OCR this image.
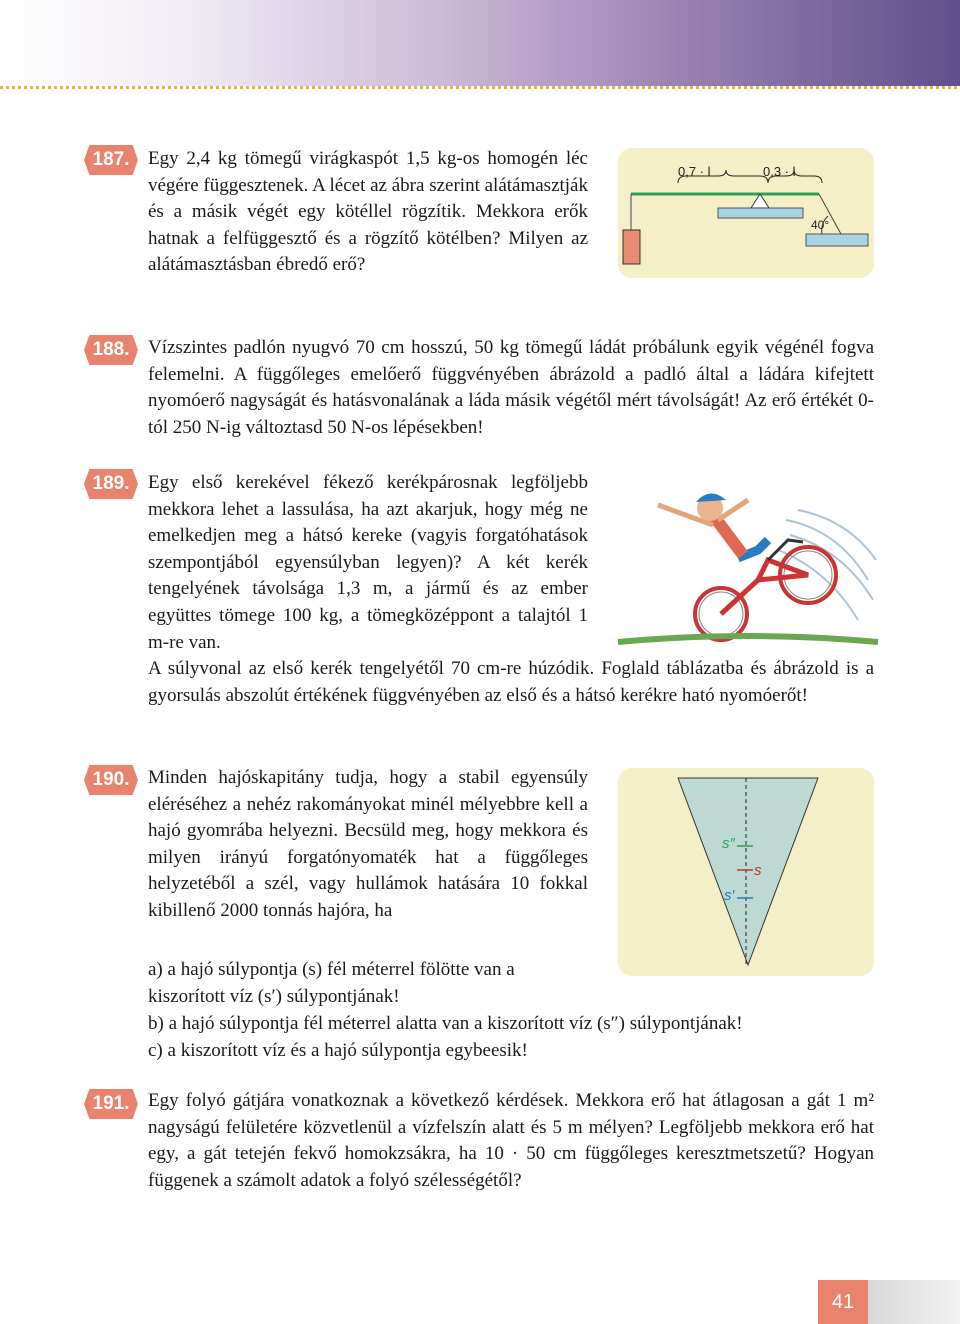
187. Egy 2,4 kg tömegű virágkaspót 1,5 kg-os homogén léc végére függesztenek. A lécet az ábra szerint alátámasztják és a másik végét egy kötéllel rögzítik. Mekkora erők hatnak a felfüggesztő és a rögzítő kötélben? Milyen az alátámasztásban ébredő erő?

0,7 · l	0,3 · l
40°
188. Vízszintes padlón nyugvó 70 cm hosszú, 50 kg tömegű ládát próbálunk egyik végénél fogva felemelni. A függőleges emelőerő függvényében ábrázold a padló által a ládára kifejtett nyomóerő nagyságát és hatásvonalának a láda másik végétől mért távolságát! Az erő értékét 0-tól 250 N-ig változtasd 50 N-os lépésekben!

189. Egy első kerekével fékező kerékpárosnak legföljebb mekkora lehet a lassulása, ha azt akarjuk, hogy még ne emelkedjen meg a hátsó kereke (vagyis forgatóhatások szempontjából egyensúlyban legyen)? A két kerék tengelyének távolsága 1,3 m, a jármű és az ember együttes tömege 100 kg, a tömegközéppont a talajtól 1 m-re van.

A súlyvonal az első kerék tengelyétől 70 cm-re húzódik. Foglald táblázatba és ábrázold is a gyorsulás abszolút értékének függvényében az első és a hátsó kerékre ható nyomóerőt!

190. Minden hajóskapitány tudja, hogy a stabil egyensúly eléréséhez a nehéz rakományokat minél mélyebbre kell a hajó gyomrába helyezni. Becsüld meg, hogy mekkora és milyen irányú forgatónyomaték hat a függőleges helyzetéből a szél, vagy hullámok hatására 10 fokkal kibillenő 2000 tonnás hajóra, ha

a) a hajó súlypontja (s) fél méterrel fölötte van a

kiszorított víz (s′) súlypontjának!

b) a hajó súlypontja fél méterrel alatta van a kiszorított víz (s″) súlypontjának!

c) a kiszorított víz és a hajó súlypontja egybeesik!

s″
s
s′
191. Egy folyó gátjára vonatkoznak a következő kérdések. Mekkora erő hat átlagosan a gát 1 m² nagyságú felületére közvetlenül a vízfelszín alatt és 5 m mélyen? Legföljebb mekkora erő hat egy, a gát tetején fekvő homokzsákra, ha 10 · 50 cm függőleges keresztmetszetű? Hogyan függenek a számolt adatok a folyó szélességétől?

41
